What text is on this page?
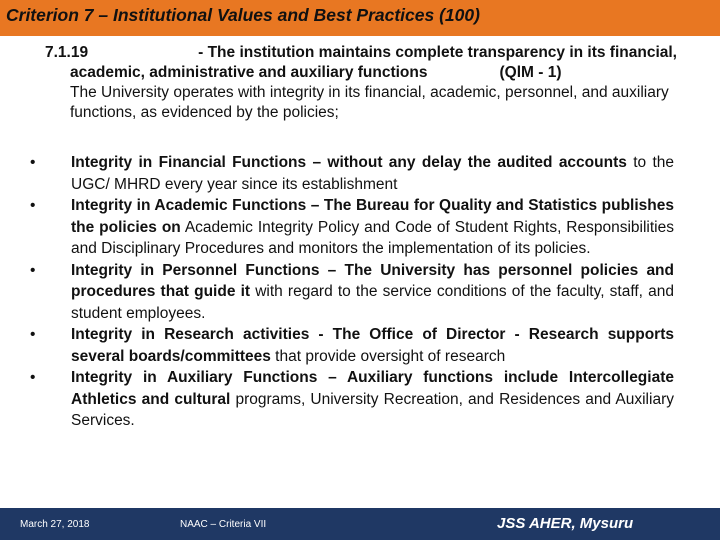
Criterion 7 – Institutional Values and Best Practices (100)
7.1.19	- The institution maintains complete transparency in its financial,
academic, administrative and auxiliary functions	(QlM - 1)
The University operates with integrity in its financial, academic, personnel, and auxiliary functions, as evidenced by the policies;
•	Integrity in Financial Functions – without any delay the audited accounts to the UGC/ MHRD every year since its establishment
•	Integrity in Academic Functions – The Bureau for Quality and Statistics publishes the policies on Academic Integrity Policy and Code of Student Rights, Responsibilities and Disciplinary Procedures and monitors the implementation of its policies.
•	Integrity in Personnel Functions – The University has personnel policies and procedures that guide it with regard to the service conditions of the faculty, staff, and student employees.
•	Integrity in Research activities - The Office of Director - Research supports several boards/committees that provide oversight of research
•	Integrity in Auxiliary Functions – Auxiliary functions include Intercollegiate Athletics and cultural programs, University Recreation, and Residences and Auxiliary Services.
March 27, 2018	NAAC – Criteria VII	JSS AHER, Mysuru
